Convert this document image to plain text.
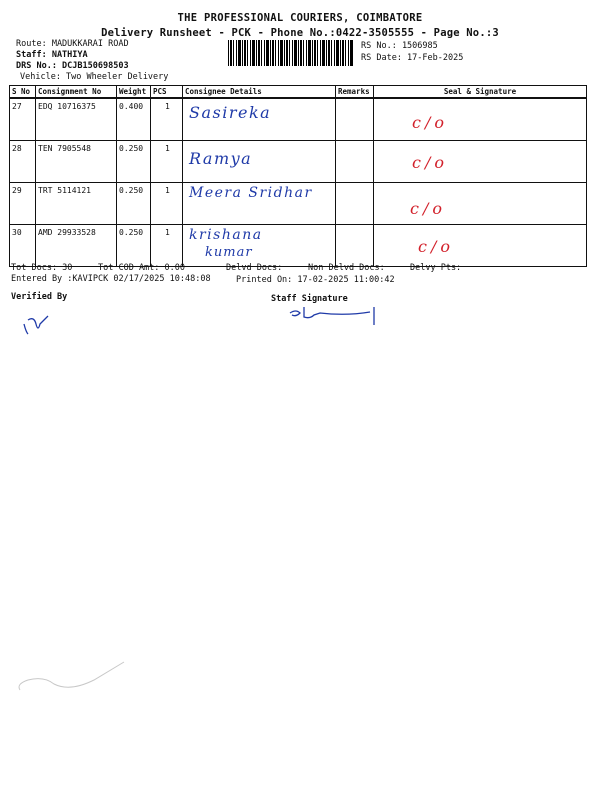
THE PROFESSIONAL COURIERS, COIMBATORE
Delivery Runsheet - PCK - Phone No.:0422-3505555 - Page No.:3
Route: MADUKKARAI ROAD
Staff: NATHIYA
DRS No.: DCJB150698503
Vehicle: Two Wheeler Delivery
RS No.: 1506985
RS Date: 17-Feb-2025
S No	Consignment No	Weight	PCS	Consignee Details	Remarks	Seal & Signature
27	EDQ 10716375	0.400	1	Sasireka		c/o

28	TEN 7905548	0.250	1	Ramya		c/o

29	TRT 5114121	0.250	1	Meera Sridhar		c/o

30	AMD 29933528	0.250	1	krishana
kumar		c/o
Tot Docs: 30	Tot COD Amt: 0.00	Delvd Docs:	Non Delvd Docs:	Delvy Pts:
Entered By :KAVIPCK 02/17/2025 10:48:08	Printed On: 17-02-2025 11:00:42
Verified By	Staff Signature
